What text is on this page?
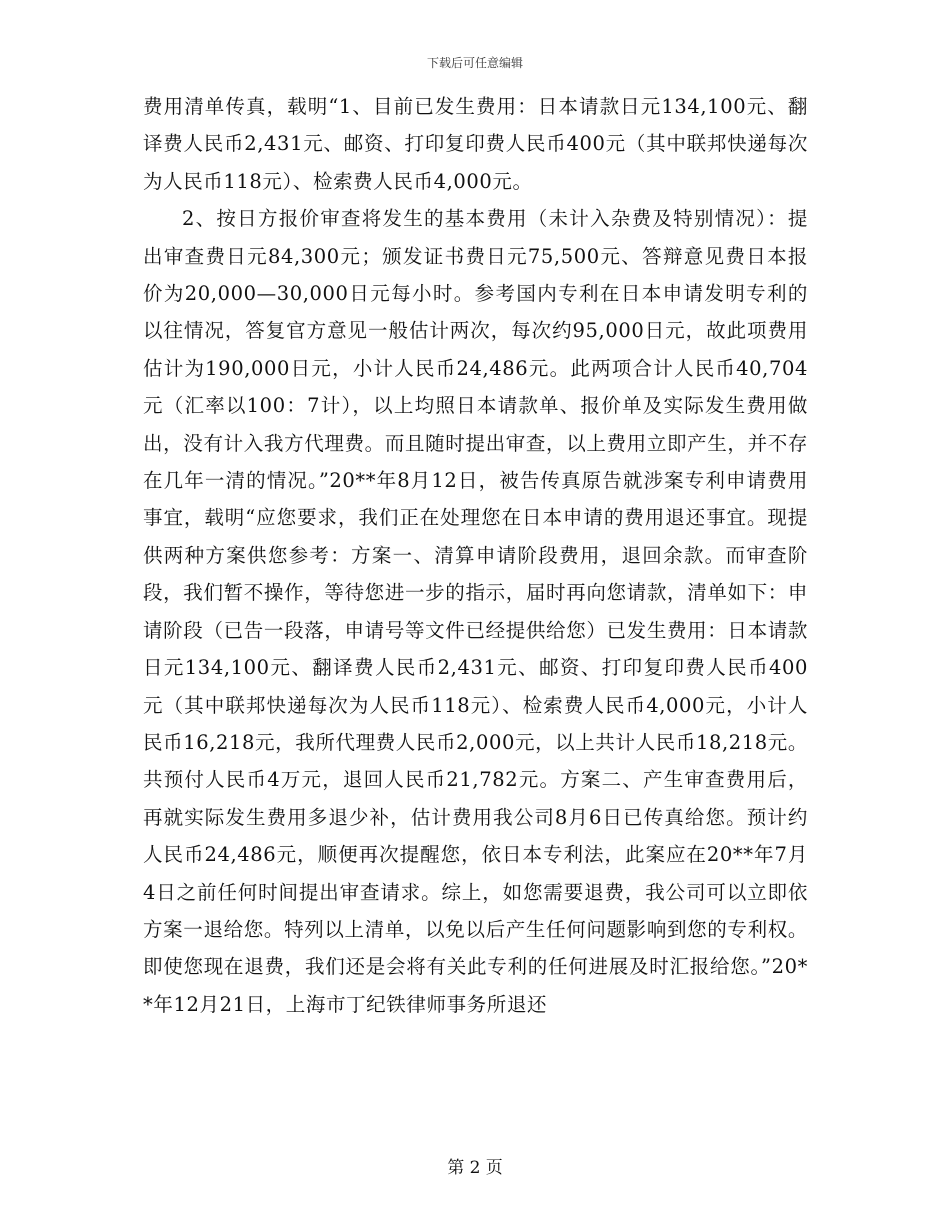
下载后可任意编辑

费用清单传真，载明“1、目前已发生费用：日本请款日元134,100元、翻译费人民币2,431元、邮资、打印复印费人民币400元（其中联邦快递每次为人民币118元）、检索费人民币4,000元。

2、按日方报价审查将发生的基本费用（未计入杂费及特别情况）：提出审查费日元84,300元；颁发证书费日元75,500元、答辩意见费日本报价为20,000—30,000日元每小时。参考国内专利在日本申请发明专利的以往情况，答复官方意见一般估计两次，每次约95,000日元，故此项费用估计为190,000日元，小计人民币24,486元。此两项合计人民币40,704元（汇率以100：7计），以上均照日本请款单、报价单及实际发生费用做出，没有计入我方代理费。而且随时提出审查，以上费用立即产生，并不存在几年一清的情况。”20**年8月12日，被告传真原告就涉案专利申请费用事宜，载明“应您要求，我们正在处理您在日本申请的费用退还事宜。现提供两种方案供您参考：方案一、清算申请阶段费用，退回余款。而审查阶段，我们暂不操作，等待您进一步的指示，届时再向您请款，清单如下：申请阶段（已告一段落，申请号等文件已经提供给您）已发生费用：日本请款日元134,100元、翻译费人民币2,431元、邮资、打印复印费人民币400元（其中联邦快递每次为人民币118元）、检索费人民币4,000元，小计人民币16,218元，我所代理费人民币2,000元，以上共计人民币18,218元。共预付人民币4万元，退回人民币21,782元。方案二、产生审查费用后，再就实际发生费用多退少补，估计费用我公司8月6日已传真给您。预计约人民币24,486元，顺便再次提醒您，依日本专利法，此案应在20**年7月4日之前任何时间提出审查请求。综上，如您需要退费，我公司可以立即依方案一退给您。特列以上清单，以免以后产生任何问题影响到您的专利权。即使您现在退费，我们还是会将有关此专利的任何进展及时汇报给您。”20**年12月21日，上海市丁纪铁律师事务所退还

第 2 页
